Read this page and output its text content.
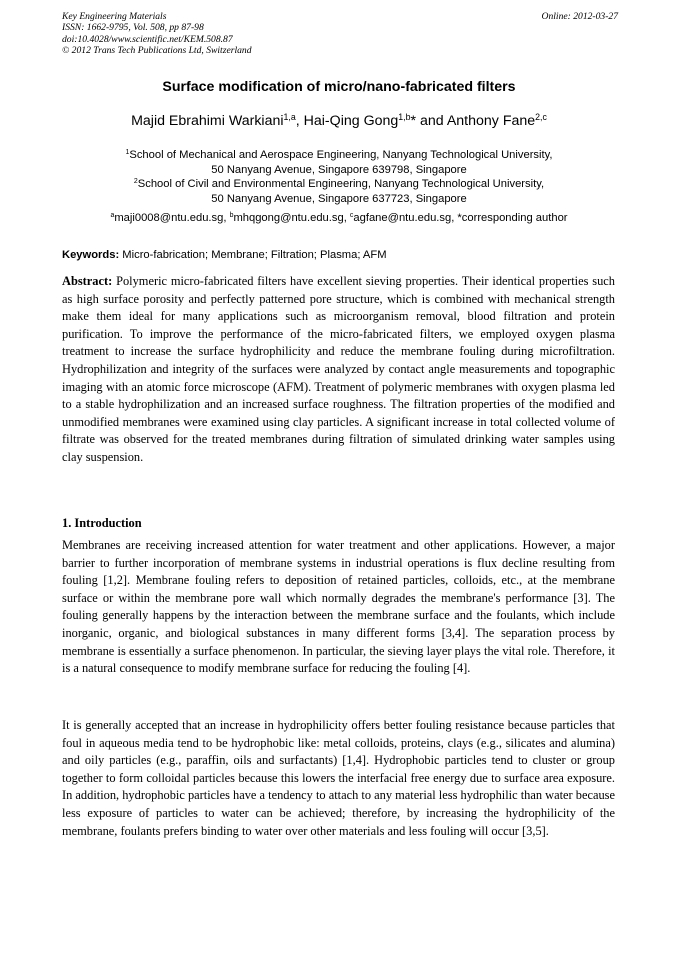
Key Engineering Materials
ISSN: 1662-9795, Vol. 508, pp 87-98
doi:10.4028/www.scientific.net/KEM.508.87
© 2012 Trans Tech Publications Ltd, Switzerland
Online: 2012-03-27
Surface modification of micro/nano-fabricated filters
Majid Ebrahimi Warkiani$^{1,a}$, Hai-Qing Gong$^{1,b}$* and Anthony Fane$^{2,c}$
$^1$School of Mechanical and Aerospace Engineering, Nanyang Technological University,
50 Nanyang Avenue, Singapore 639798, Singapore
$^2$School of Civil and Environmental Engineering, Nanyang Technological University,
50 Nanyang Avenue, Singapore 637723, Singapore
$^a$maji0008@ntu.edu.sg, $^b$mhqgong@ntu.edu.sg, $^c$agfane@ntu.edu.sg, *corresponding author
Keywords: Micro-fabrication; Membrane; Filtration; Plasma; AFM

Abstract: Polymeric micro-fabricated filters have excellent sieving properties. Their identical properties such as high surface porosity and perfectly patterned pore structure, which is combined with mechanical strength make them ideal for many applications such as microorganism removal, blood filtration and protein purification. To improve the performance of the micro-fabricated filters, we employed oxygen plasma treatment to increase the surface hydrophilicity and reduce the membrane fouling during microfiltration. Hydrophilization and integrity of the surfaces were analyzed by contact angle measurements and topographic imaging with an atomic force microscope (AFM). Treatment of polymeric membranes with oxygen plasma led to a stable hydrophilization and an increased surface roughness. The filtration properties of the modified and unmodified membranes were examined using clay particles. A significant increase in total collected volume of filtrate was observed for the treated membranes during filtration of simulated drinking water samples using clay suspension.

1. Introduction

Membranes are receiving increased attention for water treatment and other applications. However, a major barrier to further incorporation of membrane systems in industrial operations is flux decline resulting from fouling [1,2]. Membrane fouling refers to deposition of retained particles, colloids, etc., at the membrane surface or within the membrane pore wall which normally degrades the membrane's performance [3]. The fouling generally happens by the interaction between the membrane surface and the foulants, which include inorganic, organic, and biological substances in many different forms [3,4]. The separation process by membrane is essentially a surface phenomenon. In particular, the sieving layer plays the vital role. Therefore, it is a natural consequence to modify membrane surface for reducing the fouling [4].

It is generally accepted that an increase in hydrophilicity offers better fouling resistance because particles that foul in aqueous media tend to be hydrophobic like: metal colloids, proteins, clays (e.g., silicates and alumina) and oily particles (e.g., paraffin, oils and surfactants) [1,4]. Hydrophobic particles tend to cluster or group together to form colloidal particles because this lowers the interfacial free energy due to surface area exposure. In addition, hydrophobic particles have a tendency to attach to any material less hydrophilic than water because less exposure of particles to water can be achieved; therefore, by increasing the hydrophilicity of the membrane, foulants prefers binding to water over other materials and less fouling will occur [3,5].
